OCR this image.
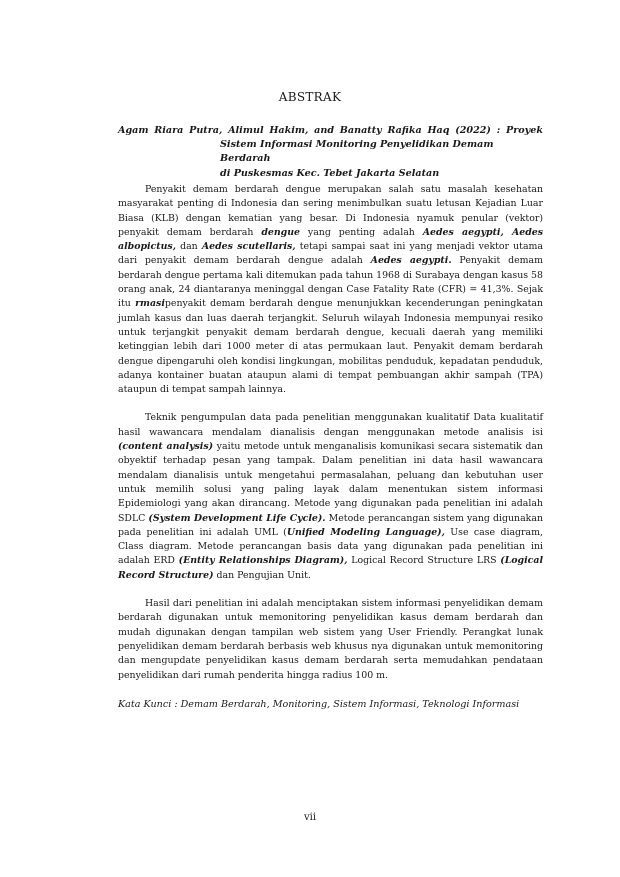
ABSTRAK
Agam Riara Putra, Alimul Hakim, and Banatty Rafika Haq (2022) : Proyek
Sistem Informasi Monitoring Penyelidikan Demam Berdarah
di Puskesmas Kec. Tebet Jakarta Selatan

Penyakit demam berdarah dengue merupakan salah satu masalah kesehatan masyarakat penting di Indonesia dan sering menimbulkan suatu letusan Kejadian Luar Biasa (KLB) dengan kematian yang besar. Di Indonesia nyamuk penular (vektor) penyakit demam berdarah dengue yang penting adalah Aedes aegypti, Aedes albopictus, dan Aedes scutellaris, tetapi sampai saat ini yang menjadi vektor utama dari penyakit demam berdarah dengue adalah Aedes aegypti. Penyakit demam berdarah dengue pertama kali ditemukan pada tahun 1968 di Surabaya dengan kasus 58 orang anak, 24 diantaranya meninggal dengan Case Fatality Rate (CFR) = 41,3%. Sejak itu rmasipenyakit demam berdarah dengue menunjukkan kecenderungan peningkatan jumlah kasus dan luas daerah terjangkit. Seluruh wilayah Indonesia mempunyai resiko untuk terjangkit penyakit demam berdarah dengue, kecuali daerah yang memiliki ketinggian lebih dari 1000 meter di atas permukaan laut. Penyakit demam berdarah dengue dipengaruhi oleh kondisi lingkungan, mobilitas penduduk, kepadatan penduduk, adanya kontainer buatan ataupun alami di tempat pembuangan akhir sampah (TPA) ataupun di tempat sampah lainnya.

Teknik pengumpulan data pada penelitian menggunakan kualitatif Data kualitatif hasil wawancara mendalam dianalisis dengan menggunakan metode analisis isi (content analysis) yaitu metode untuk menganalisis komunikasi secara sistematik dan obyektif terhadap pesan yang tampak. Dalam penelitian ini data hasil wawancara mendalam dianalisis untuk mengetahui permasalahan, peluang dan kebutuhan user untuk memilih solusi yang paling layak dalam menentukan sistem informasi Epidemiologi yang akan dirancang. Metode yang digunakan pada penelitian ini adalah SDLC (System Development Life Cycle). Metode perancangan sistem yang digunakan pada penelitian ini adalah UML (Unified Modeling Language), Use case diagram, Class diagram. Metode perancangan basis data yang digunakan pada penelitian ini adalah ERD (Entity Relationships Diagram), Logical Record Structure LRS (Logical Record Structure) dan Pengujian Unit.

Hasil dari penelitian ini adalah menciptakan sistem informasi penyelidikan demam berdarah digunakan untuk memonitoring penyelidikan kasus demam berdarah dan mudah digunakan dengan tampilan web sistem yang User Friendly. Perangkat lunak penyelidikan demam berdarah berbasis web khusus nya digunakan untuk memonitoring dan mengupdate penyelidikan kasus demam berdarah serta memudahkan pendataan penyelidikan dari rumah penderita hingga radius 100 m.

Kata Kunci : Demam Berdarah, Monitoring, Sistem Informasi, Teknologi Informasi
vii
